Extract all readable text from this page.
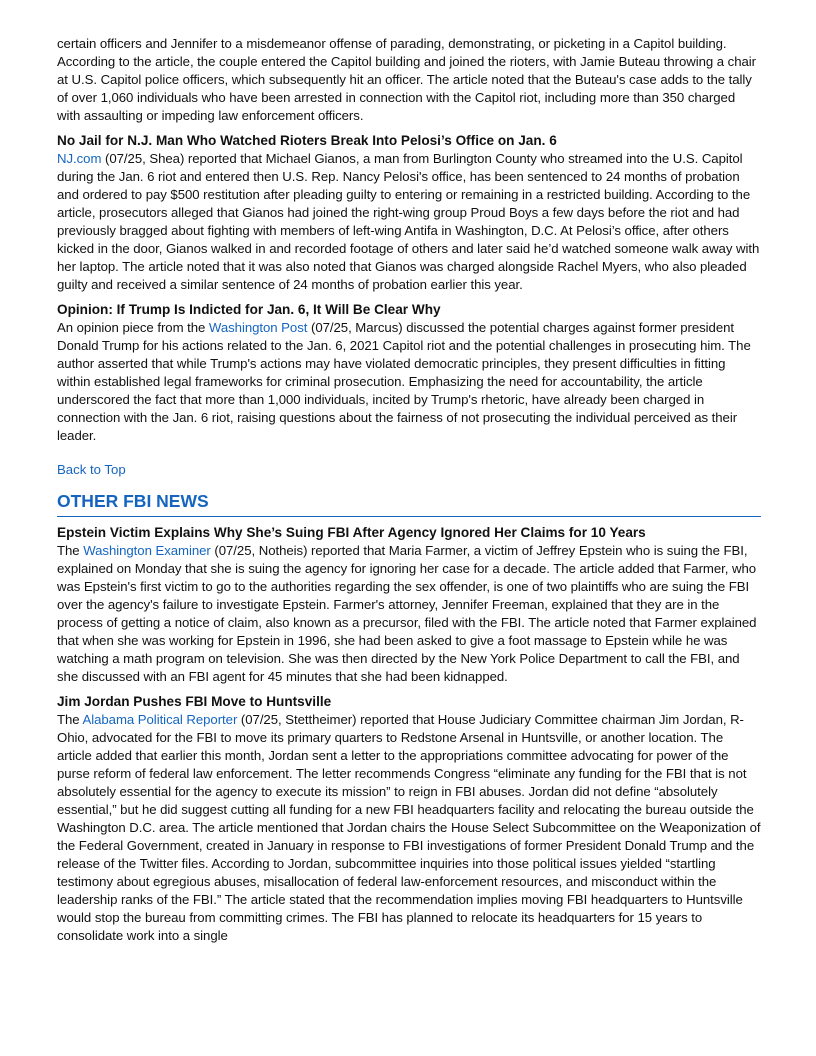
certain officers and Jennifer to a misdemeanor offense of parading, demonstrating, or picketing in a Capitol building. According to the article, the couple entered the Capitol building and joined the rioters, with Jamie Buteau throwing a chair at U.S. Capitol police officers, which subsequently hit an officer. The article noted that the Buteau's case adds to the tally of over 1,060 individuals who have been arrested in connection with the Capitol riot, including more than 350 charged with assaulting or impeding law enforcement officers.

No Jail for N.J. Man Who Watched Rioters Break Into Pelosi’s Office on Jan. 6

NJ.com (07/25, Shea) reported that Michael Gianos, a man from Burlington County who streamed into the U.S. Capitol during the Jan. 6 riot and entered then U.S. Rep. Nancy Pelosi's office, has been sentenced to 24 months of probation and ordered to pay $500 restitution after pleading guilty to entering or remaining in a restricted building. According to the article, prosecutors alleged that Gianos had joined the right-wing group Proud Boys a few days before the riot and had previously bragged about fighting with members of left-wing Antifa in Washington, D.C. At Pelosi’s office, after others kicked in the door, Gianos walked in and recorded footage of others and later said he’d watched someone walk away with her laptop. The article noted that it was also noted that Gianos was charged alongside Rachel Myers, who also pleaded guilty and received a similar sentence of 24 months of probation earlier this year.

Opinion: If Trump Is Indicted for Jan. 6, It Will Be Clear Why

An opinion piece from the Washington Post (07/25, Marcus) discussed the potential charges against former president Donald Trump for his actions related to the Jan. 6, 2021 Capitol riot and the potential challenges in prosecuting him. The author asserted that while Trump's actions may have violated democratic principles, they present difficulties in fitting within established legal frameworks for criminal prosecution. Emphasizing the need for accountability, the article underscored the fact that more than 1,000 individuals, incited by Trump's rhetoric, have already been charged in connection with the Jan. 6 riot, raising questions about the fairness of not prosecuting the individual perceived as their leader.

Back to Top
OTHER FBI NEWS
Epstein Victim Explains Why She’s Suing FBI After Agency Ignored Her Claims for 10 Years

The Washington Examiner (07/25, Notheis) reported that Maria Farmer, a victim of Jeffrey Epstein who is suing the FBI, explained on Monday that she is suing the agency for ignoring her case for a decade. The article added that Farmer, who was Epstein's first victim to go to the authorities regarding the sex offender, is one of two plaintiffs who are suing the FBI over the agency's failure to investigate Epstein. Farmer's attorney, Jennifer Freeman, explained that they are in the process of getting a notice of claim, also known as a precursor, filed with the FBI. The article noted that Farmer explained that when she was working for Epstein in 1996, she had been asked to give a foot massage to Epstein while he was watching a math program on television. She was then directed by the New York Police Department to call the FBI, and she discussed with an FBI agent for 45 minutes that she had been kidnapped.

Jim Jordan Pushes FBI Move to Huntsville

The Alabama Political Reporter (07/25, Stettheimer) reported that House Judiciary Committee chairman Jim Jordan, R-Ohio, advocated for the FBI to move its primary quarters to Redstone Arsenal in Huntsville, or another location. The article added that earlier this month, Jordan sent a letter to the appropriations committee advocating for power of the purse reform of federal law enforcement. The letter recommends Congress “eliminate any funding for the FBI that is not absolutely essential for the agency to execute its mission” to reign in FBI abuses. Jordan did not define “absolutely essential,” but he did suggest cutting all funding for a new FBI headquarters facility and relocating the bureau outside the Washington D.C. area. The article mentioned that Jordan chairs the House Select Subcommittee on the Weaponization of the Federal Government, created in January in response to FBI investigations of former President Donald Trump and the release of the Twitter files. According to Jordan, subcommittee inquiries into those political issues yielded “startling testimony about egregious abuses, misallocation of federal law-enforcement resources, and misconduct within the leadership ranks of the FBI.” The article stated that the recommendation implies moving FBI headquarters to Huntsville would stop the bureau from committing crimes. The FBI has planned to relocate its headquarters for 15 years to consolidate work into a single
